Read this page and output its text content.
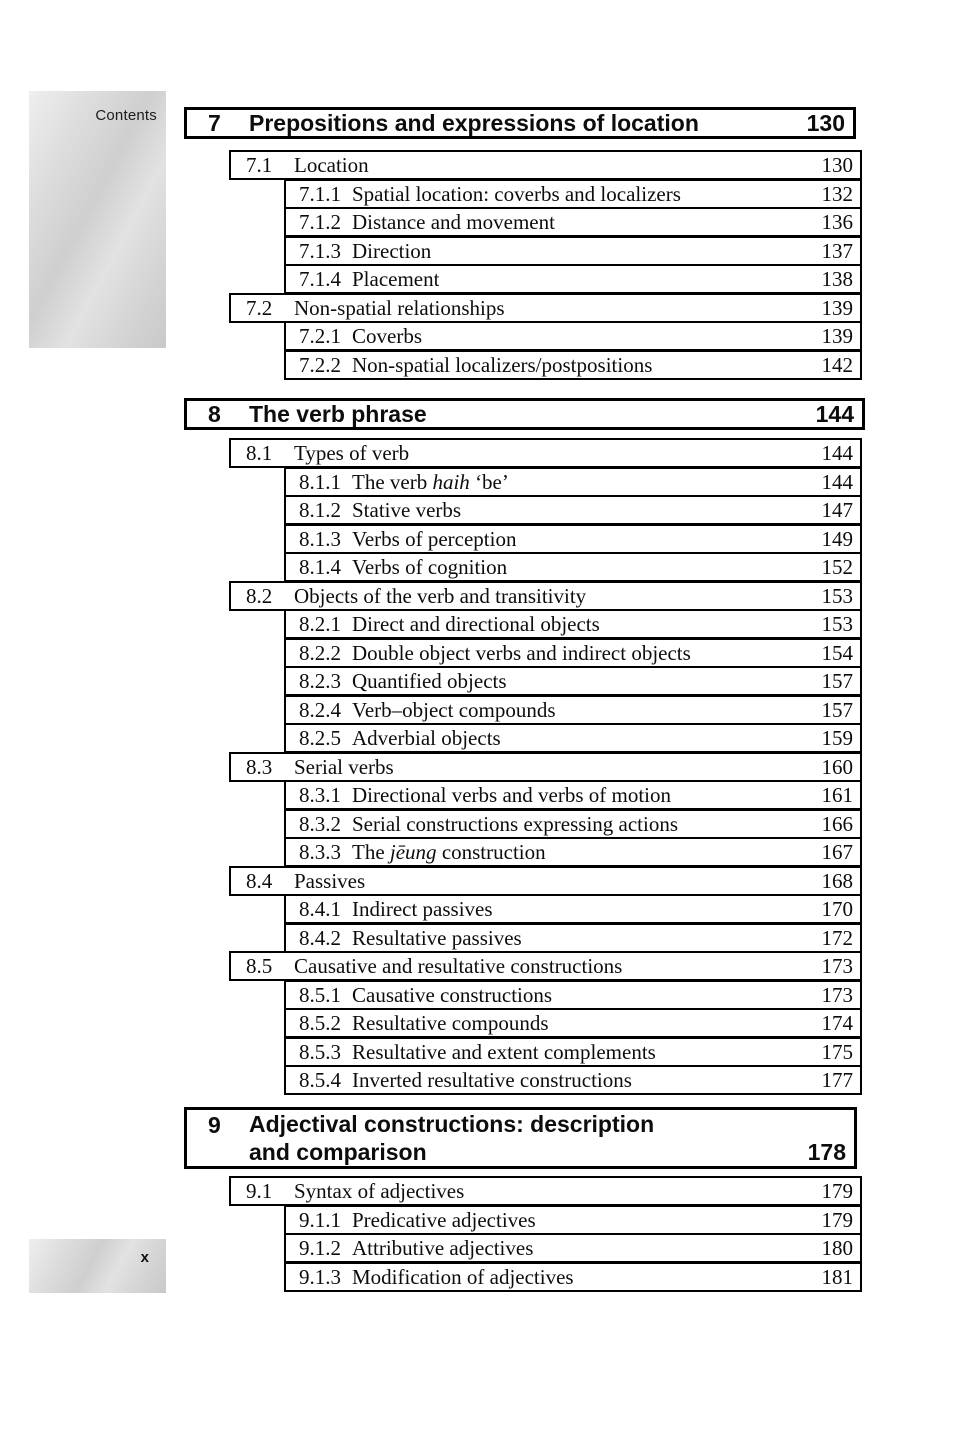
Contents
x
7	Prepositions and expressions of location	130
7.1	Location	130
7.1.1 Spatial location: coverbs and localizers	132
7.1.2 Distance and movement	136
7.1.3 Direction	137
7.1.4 Placement	138
7.2	Non-spatial relationships	139
7.2.1 Coverbs	139
7.2.2 Non-spatial localizers/postpositions	142
8	The verb phrase	144
8.1	Types of verb	144
8.1.1 The verb haih ‘be’	144
8.1.2 Stative verbs	147
8.1.3 Verbs of perception	149
8.1.4 Verbs of cognition	152
8.2	Objects of the verb and transitivity	153
8.2.1 Direct and directional objects	153
8.2.2 Double object verbs and indirect objects	154
8.2.3 Quantified objects	157
8.2.4 Verb–object compounds	157
8.2.5 Adverbial objects	159
8.3	Serial verbs	160
8.3.1 Directional verbs and verbs of motion	161
8.3.2 Serial constructions expressing actions	166
8.3.3 The jēung construction	167
8.4	Passives	168
8.4.1 Indirect passives	170
8.4.2 Resultative passives	172
8.5	Causative and resultative constructions	173
8.5.1 Causative constructions	173
8.5.2 Resultative compounds	174
8.5.3 Resultative and extent complements	175
8.5.4 Inverted resultative constructions	177
9	Adjectival constructions: description
and comparison	178
9.1	Syntax of adjectives	179
9.1.1 Predicative adjectives	179
9.1.2 Attributive adjectives	180
9.1.3 Modification of adjectives	181
